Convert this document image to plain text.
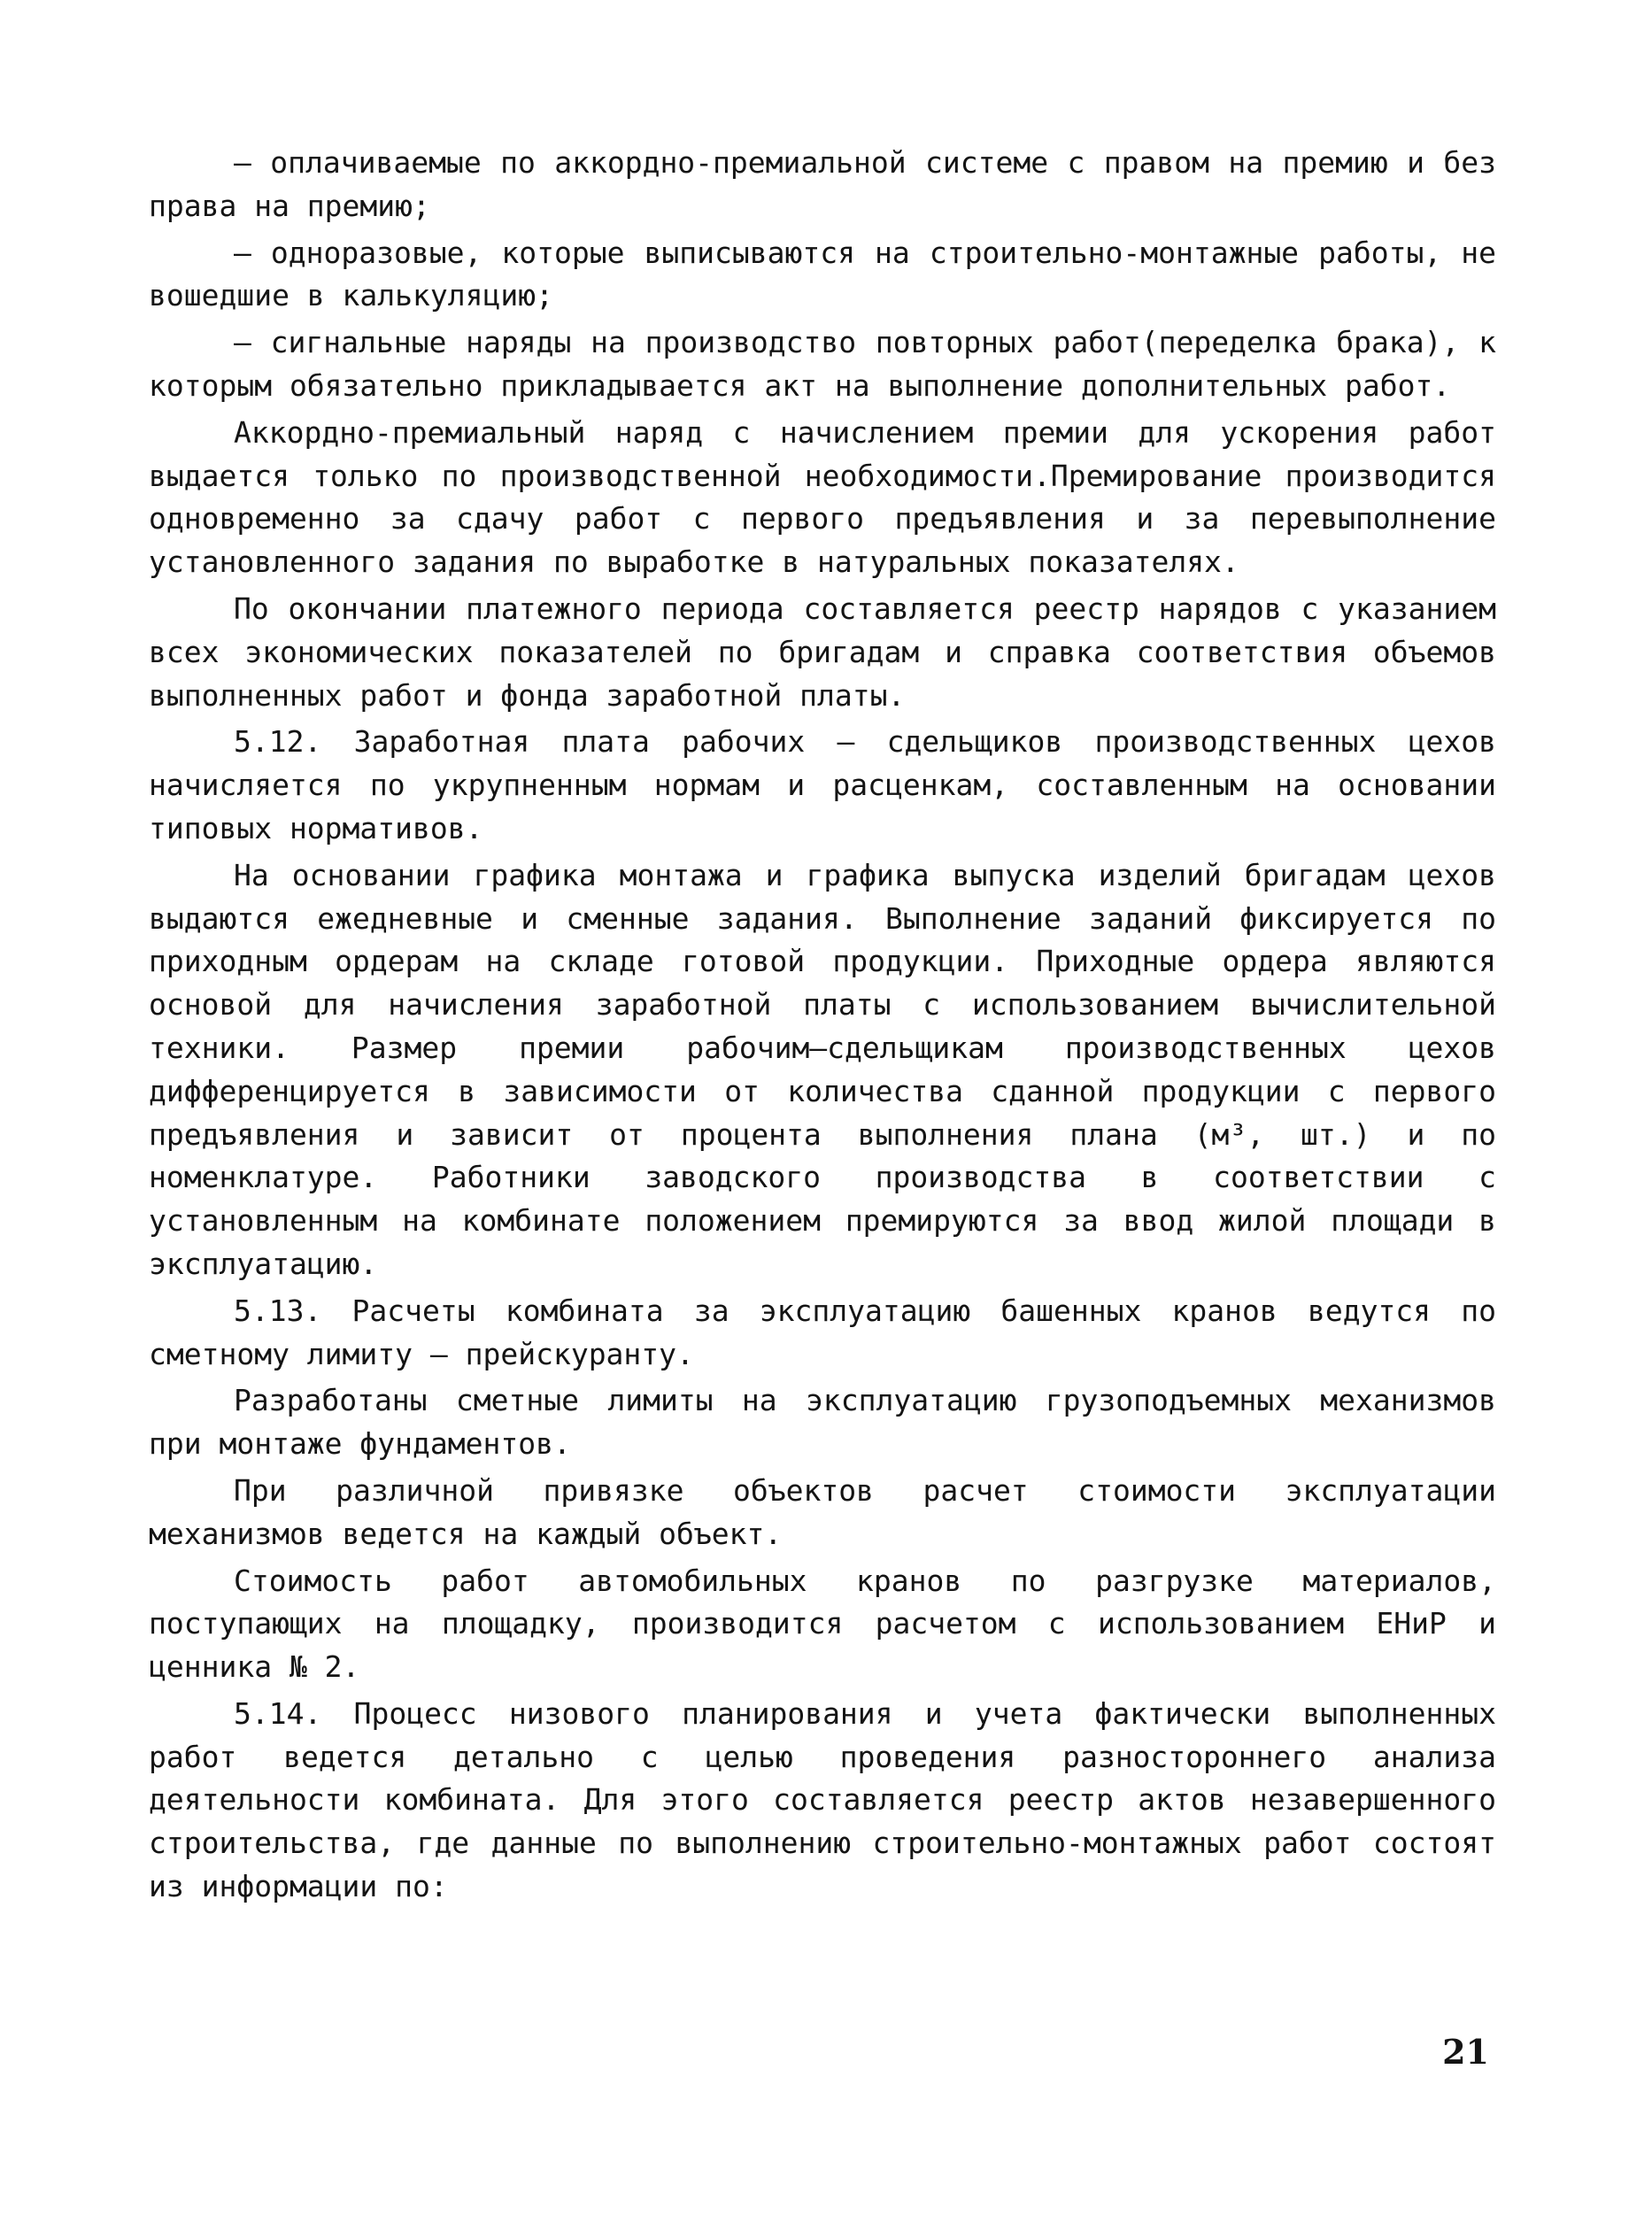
– оплачиваемые по аккордно-премиальной системе с правом на премию и без права на премию;

– одноразовые, которые выписываются на строительно-монтажные работы, не вошедшие в калькуляцию;

– сигнальные наряды на производство повторных работ(переделка брака), к которым обязательно прикладывается акт на выполнение дополнительных работ.

Аккордно-премиальный наряд с начислением премии для ускорения работ выдается только по производственной необходимости.Премирование производится одновременно за сдачу работ с первого предъявления и за перевыполнение установленного задания по выработке в натуральных показателях.

По окончании платежного периода составляется реестр нарядов с указанием всех экономических показателей по бригадам и справка соответствия объемов выполненных работ и фонда заработной платы.

5.12. Заработная плата рабочих – сдельщиков производственных цехов начисляется по укрупненным нормам и расценкам, составленным на основании типовых нормативов.

На основании графика монтажа и графика выпуска изделий бригадам цехов выдаются ежедневные и сменные задания. Выполнение заданий фиксируется по приходным ордерам на складе готовой продукции. Приходные ордера являются основой для начисления заработной платы с использованием вычислительной техники. Размер премии рабочим–сдельщикам производственных цехов дифференцируется в зависимости от количества сданной продукции с первого предъявления и зависит от процента выполнения плана (м³, шт.) и по номенклатуре. Работники заводского производства в соответствии с установленным на комбинате положением премируются за ввод жилой площади в эксплуатацию.

5.13. Расчеты комбината за эксплуатацию башенных кранов ведутся по сметному лимиту – прейскуранту.

Разработаны сметные лимиты на эксплуатацию грузоподъемных механизмов при монтаже фундаментов.

При различной привязке объектов расчет стоимости эксплуатации механизмов ведется на каждый объект.

Стоимость работ автомобильных кранов по разгрузке материалов, поступающих на площадку, производится расчетом с использованием ЕНиР и ценника № 2.

5.14. Процесс низового планирования и учета фактически выполненных работ ведется детально с целью проведения разностороннего анализа деятельности комбината. Для этого составляется реестр актов незавершенного строительства, где данные по выполнению строительно-монтажных работ состоят из информации по:

21
